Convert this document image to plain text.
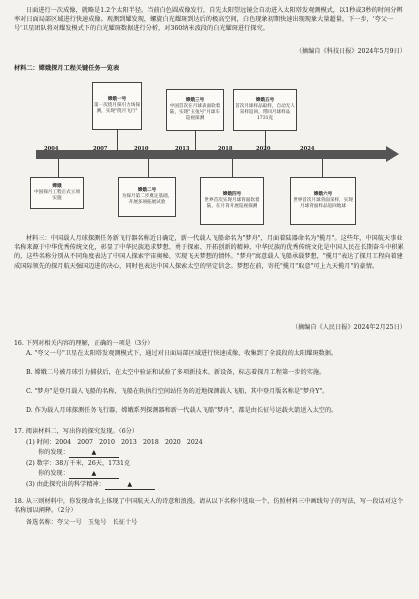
日面进行一次成像，就略是1.2个太阳半径。当前白色圆成像发行，自先太阳望远镜会自动进入太阳塔发观测模式，以1秒或3秒的时间分辨率对日面局部区域进行快速成像。观测到耀发现，螺旋白光耀斑到达后的极高空间，白色现象初期快速出现现象大量超量。下一步，'夸父一号'卫星团队将对耀发模式下的白光耀斑数据进行分析，对360纳米波段的白光耀斑进行探究。
（摘编自《科技日报》2024年5月9日）
材料二：嫦娥探月工程关键任务一览表
嫦娥一号
第一次绕月探引力场探测，实现"绕月飞行"
嫦娥三号
中国首次在月球表面软着陆，实现"玉兔号"月球车巡视探测
嫦娥五号
首次月球样品取样，自动无人采样返回，带回月球样品1731克
2004	2007	2010	2013	2018	2020	2024
嫦娥
中国探月工程正式立项实施
嫦娥二号
为探月第二步奠定基础，开展多项拓展试验
嫦娥四号
世界首次实现月球背面软着陆，在月背开展巡视探测
嫦娥六号
世界首次月球背面采样，实现月球背面样品返回地球
材料三：中国载人月球探测任务新飞行器名称近日确定，新一代载人飞船命名为"梦舟"，月面着陆器命名为"揽月"。这些年，中国航天事业名称来源于中华优秀传统文化，彰显了中华民族追求梦想、勇于探索、开拓创新的精神，中华民族的优秀传统文化是中国人民在长期奋斗中积累的，这些名称分别从不同角度表达了中国人探索宇宙奥秘、实现飞天梦想的情怀。"梦舟"寓意载人飞船承载梦想，"揽月"表达了探月工程向着建成国际领先的探月航天强国迈进的决心，同时也表达中国人探索太空的坚定信念。梦想在前，寄托"揽月"取意"可上九天揽月"的豪情。
（摘编自《人民日报》2024年2月25日）
16. 下列对相关内容的理解，正确的一项是（3分）
A. "夸父一号"卫星在太阳塔发观测模式下，通过对日面局部区域进行快速成像，收集到了全波段的太阳耀斑数据。
B. 嫦娥二号被月球引力捕获后，在太空中验证和试验了多项新技术、新设备，标志着探月工程第一步的实施。
C. "梦舟"是登月载人飞船的名称，飞船在轨执行空间站任务的近地探测载人飞船，其中登月版名称是"梦舟Y"。
D. 作为载人月球探测任务飞行器，嫦娥系列探测器和新一代载人飞船"梦舟"，都是由长征号运载火箭送入太空的。
17. 阅读材料二，写出你的探究发现。（6分）
(1) 时间：2004　2007　2010　2013　2018　2020　2024
你的发现：	▲
(2) 数字：38万千米，26天，1731克
你的发现：	▲
(3) 由此探究出的科学精神：	▲
18. 从三则材料中，你发现命名上体现了中国航天人的诗意和浪漫。请从以下名称中选取一个，仿照材料三中画线句子的写法，写一段话对这个名称加以阐释。（2分）
备选名称：夸父一号　玉兔号　长征十号
